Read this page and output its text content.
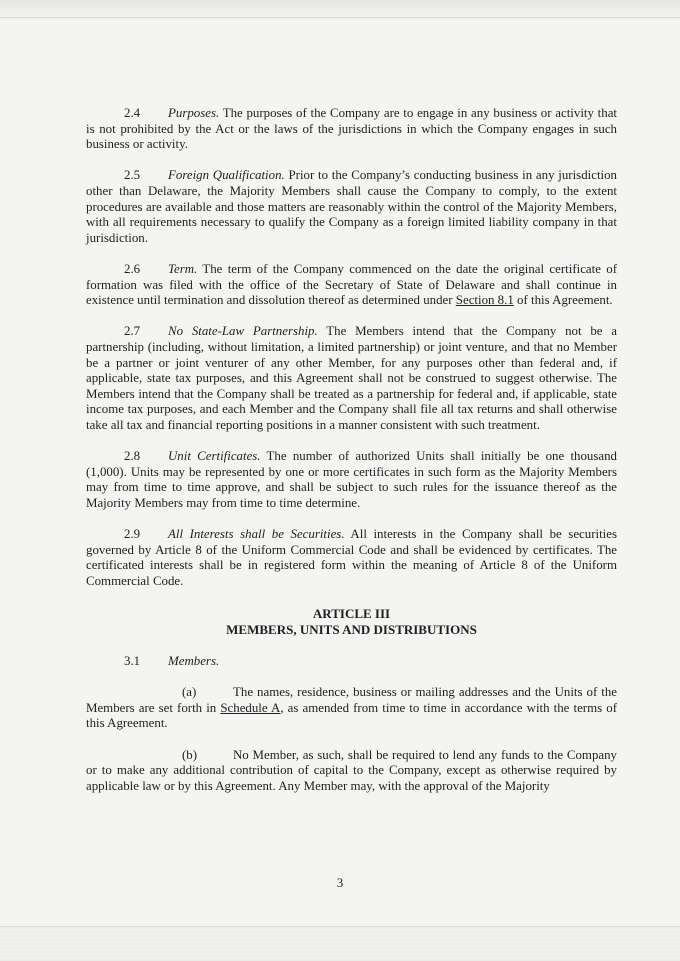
2.4 Purposes. The purposes of the Company are to engage in any business or activity that is not prohibited by the Act or the laws of the jurisdictions in which the Company engages in such business or activity.

2.5 Foreign Qualification. Prior to the Company’s conducting business in any jurisdiction other than Delaware, the Majority Members shall cause the Company to comply, to the extent procedures are available and those matters are reasonably within the control of the Majority Members, with all requirements necessary to qualify the Company as a foreign limited liability company in that jurisdiction.

2.6 Term. The term of the Company commenced on the date the original certificate of formation was filed with the office of the Secretary of State of Delaware and shall continue in existence until termination and dissolution thereof as determined under Section 8.1 of this Agreement.

2.7 No State-Law Partnership. The Members intend that the Company not be a partnership (including, without limitation, a limited partnership) or joint venture, and that no Member be a partner or joint venturer of any other Member, for any purposes other than federal and, if applicable, state tax purposes, and this Agreement shall not be construed to suggest otherwise. The Members intend that the Company shall be treated as a partnership for federal and, if applicable, state income tax purposes, and each Member and the Company shall file all tax returns and shall otherwise take all tax and financial reporting positions in a manner consistent with such treatment.

2.8 Unit Certificates. The number of authorized Units shall initially be one thousand (1,000). Units may be represented by one or more certificates in such form as the Majority Members may from time to time approve, and shall be subject to such rules for the issuance thereof as the Majority Members may from time to time determine.

2.9 All Interests shall be Securities. All interests in the Company shall be securities governed by Article 8 of the Uniform Commercial Code and shall be evidenced by certificates. The certificated interests shall be in registered form within the meaning of Article 8 of the Uniform Commercial Code.

ARTICLE III
MEMBERS, UNITS AND DISTRIBUTIONS

3.1 Members.

(a)	The names, residence, business or mailing addresses and the Units of the Members are set forth in Schedule A, as amended from time to time in accordance with the terms of this Agreement.

(b)	No Member, as such, shall be required to lend any funds to the Company or to make any additional contribution of capital to the Company, except as otherwise required by applicable law or by this Agreement. Any Member may, with the approval of the Majority

3
